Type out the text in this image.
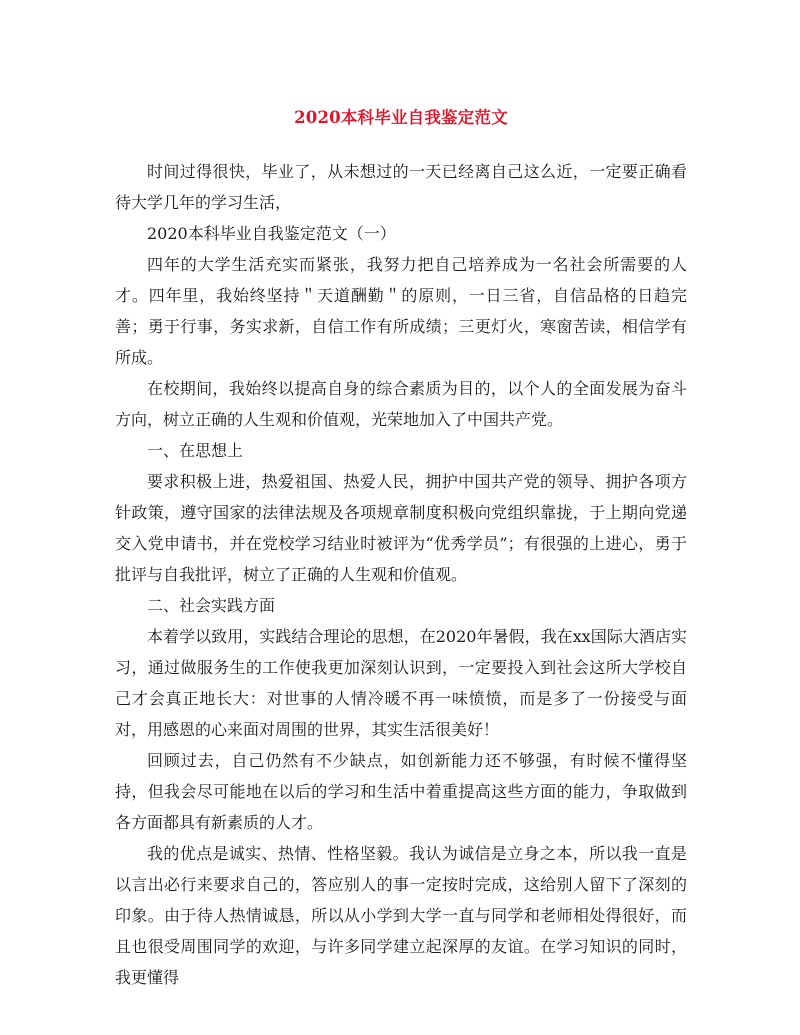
2020本科毕业自我鉴定范文

时间过得很快，毕业了，从未想过的一天已经离自己这么近，一定要正确看待大学几年的学习生活，

2020本科毕业自我鉴定范文（一）

四年的大学生活充实而紧张，我努力把自己培养成为一名社会所需要的人才。四年里，我始终坚持＂天道酬勤＂的原则，一日三省，自信品格的日趋完善；勇于行事，务实求新，自信工作有所成绩；三更灯火，寒窗苦读，相信学有所成。

在校期间，我始终以提高自身的综合素质为目的，以个人的全面发展为奋斗方向，树立正确的人生观和价值观，光荣地加入了中国共产党。

一、在思想上

要求积极上进，热爱祖国、热爱人民，拥护中国共产党的领导、拥护各项方针政策，遵守国家的法律法规及各项规章制度积极向党组织靠拢，于上期向党递交入党申请书，并在党校学习结业时被评为“优秀学员”；有很强的上进心，勇于批评与自我批评，树立了正确的人生观和价值观。

二、社会实践方面

本着学以致用，实践结合理论的思想，在2020年暑假，我在xx国际大酒店实习，通过做服务生的工作使我更加深刻认识到，一定要投入到社会这所大学校自己才会真正地长大：对世事的人情冷暖不再一味愤愤，而是多了一份接受与面对，用感恩的心来面对周围的世界，其实生活很美好！

回顾过去，自己仍然有不少缺点，如创新能力还不够强，有时候不懂得坚持，但我会尽可能地在以后的学习和生活中着重提高这些方面的能力，争取做到各方面都具有新素质的人才。

我的优点是诚实、热情、性格坚毅。我认为诚信是立身之本，所以我一直是以言出必行来要求自己的，答应别人的事一定按时完成，这给别人留下了深刻的印象。由于待人热情诚恳，所以从小学到大学一直与同学和老师相处得很好，而且也很受周围同学的欢迎，与许多同学建立起深厚的友谊。在学习知识的同时，我更懂得
